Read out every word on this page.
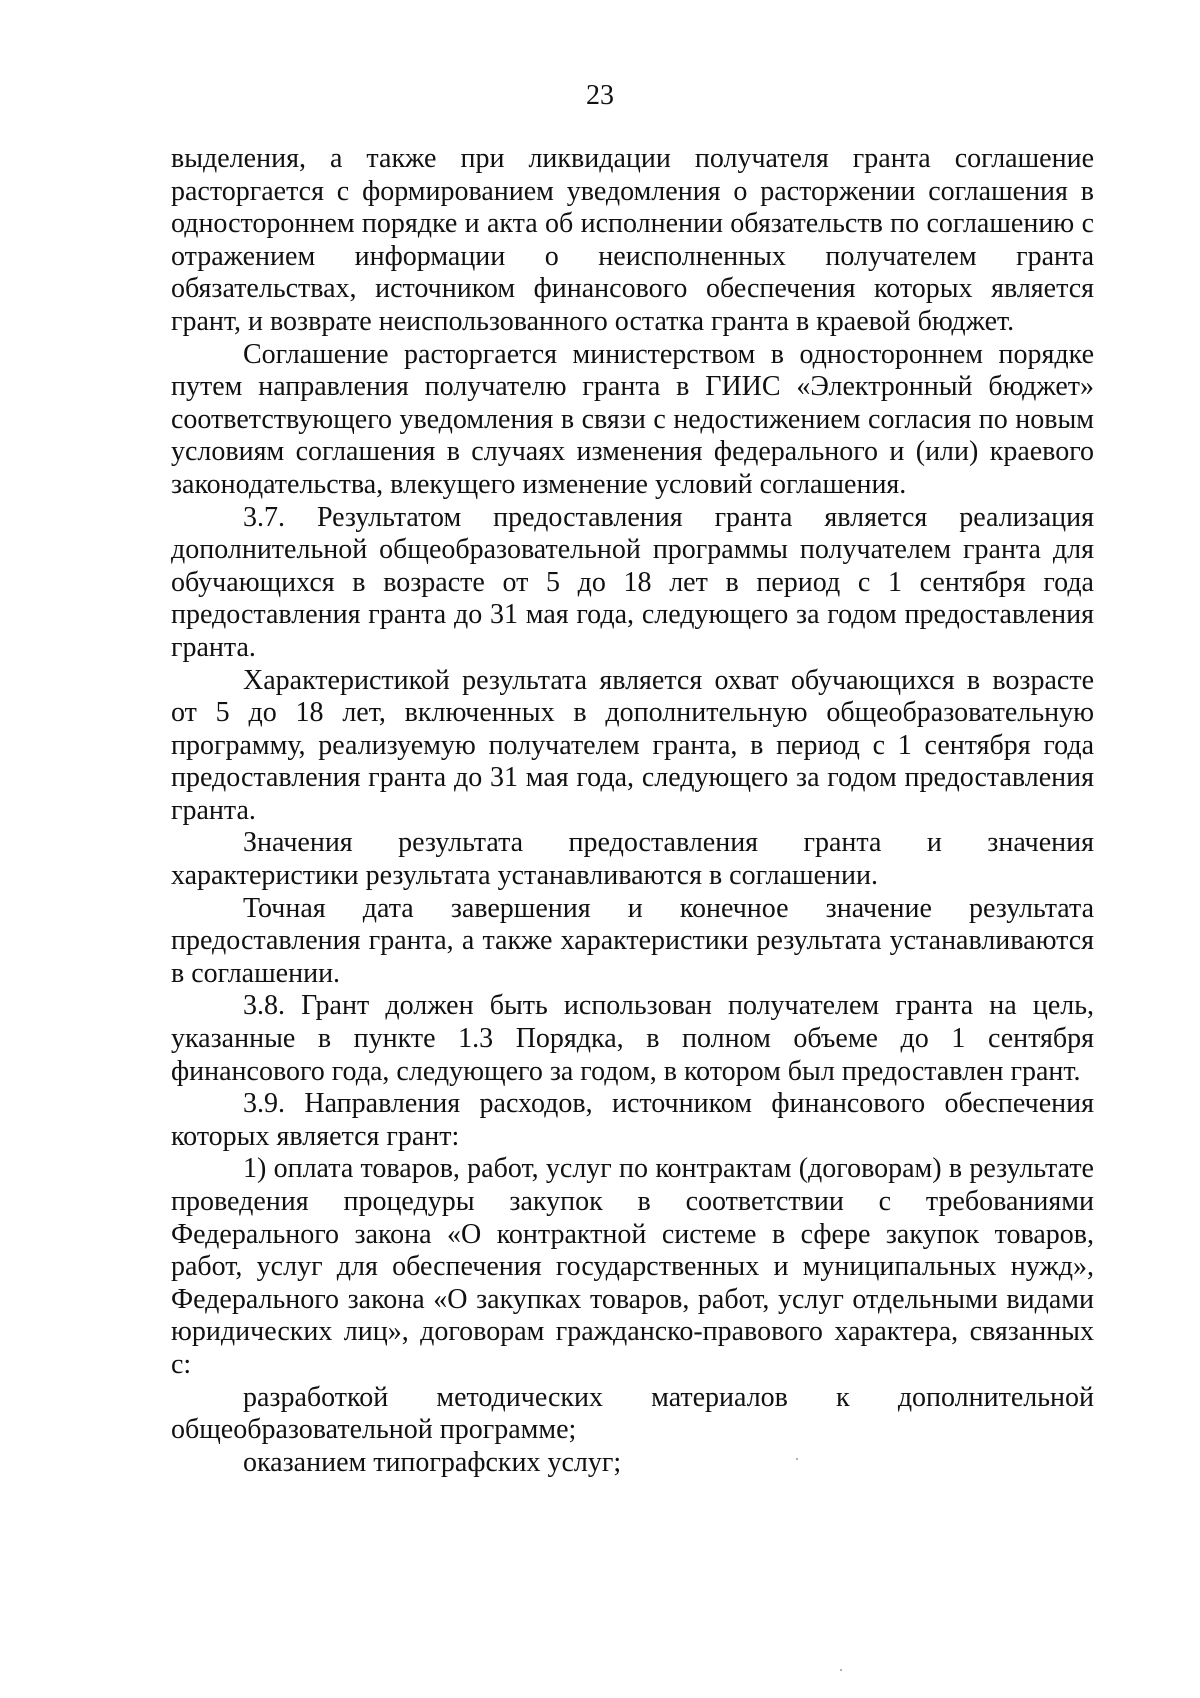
23

выделения, а также при ликвидации получателя гранта соглашение расторгается с формированием уведомления о расторжении соглашения в одностороннем порядке и акта об исполнении обязательств по соглашению с отражением информации о неисполненных получателем гранта обязательствах, источником финансового обеспечения которых является грант, и возврате неиспользованного остатка гранта в краевой бюджет.

Соглашение расторгается министерством в одностороннем порядке путем направления получателю гранта в ГИИС «Электронный бюджет» соответствующего уведомления в связи с недостижением согласия по новым условиям соглашения в случаях изменения федерального и (или) краевого законодательства, влекущего изменение условий соглашения.

3.7. Результатом предоставления гранта является реализация дополнительной общеобразовательной программы получателем гранта для обучающихся в возрасте от 5 до 18 лет в период с 1 сентября года предоставления гранта до 31 мая года, следующего за годом предоставления гранта.

Характеристикой результата является охват обучающихся в возрасте от 5 до 18 лет, включенных в дополнительную общеобразовательную программу, реализуемую получателем гранта, в период с 1 сентября года предоставления гранта до 31 мая года, следующего за годом предоставления гранта.

Значения результата предоставления гранта и значения характеристики результата устанавливаются в соглашении.

Точная дата завершения и конечное значение результата предоставления гранта, а также характеристики результата устанавливаются в соглашении.

3.8. Грант должен быть использован получателем гранта на цель, указанные в пункте 1.3 Порядка, в полном объеме до 1 сентября финансового года, следующего за годом, в котором был предоставлен грант.

3.9. Направления расходов, источником финансового обеспечения которых является грант:

1) оплата товаров, работ, услуг по контрактам (договорам) в результате проведения процедуры закупок в соответствии с требованиями Федерального закона «О контрактной системе в сфере закупок товаров, работ, услуг для обеспечения государственных и муниципальных нужд», Федерального закона «О закупках товаров, работ, услуг отдельными видами юридических лиц», договорам гражданско-правового характера, связанных с:

разработкой методических материалов к дополнительной общеобразовательной программе;

оказанием типографских услуг;
